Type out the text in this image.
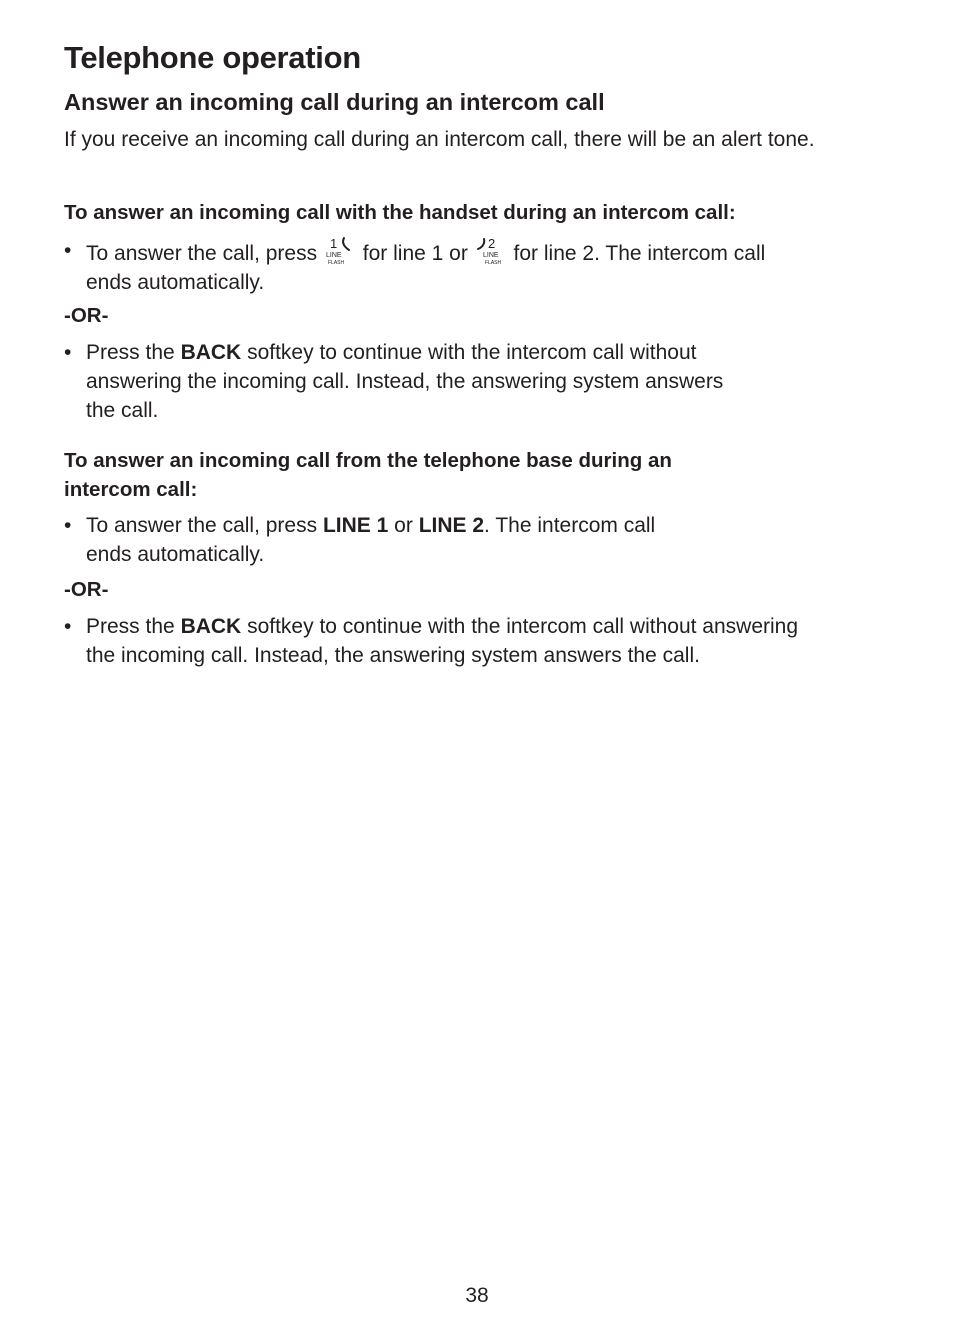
Telephone operation
Answer an incoming call during an intercom call
If you receive an incoming call during an intercom call, there will be an alert tone.
To answer an incoming call with the handset during an intercom call:
• To answer the call, press 1
LINE
FLASH for line 1 or 2
LINE
FLASH for line 2. The intercom call
ends automatically.
-OR-
• Press the BACK softkey to continue with the intercom call without
answering the incoming call. Instead, the answering system answers
the call.
To answer an incoming call from the telephone base during an
intercom call:
• To answer the call, press LINE 1 or LINE 2. The intercom call
ends automatically.
-OR-
• Press the BACK softkey to continue with the intercom call without answering
the incoming call. Instead, the answering system answers the call.
38
